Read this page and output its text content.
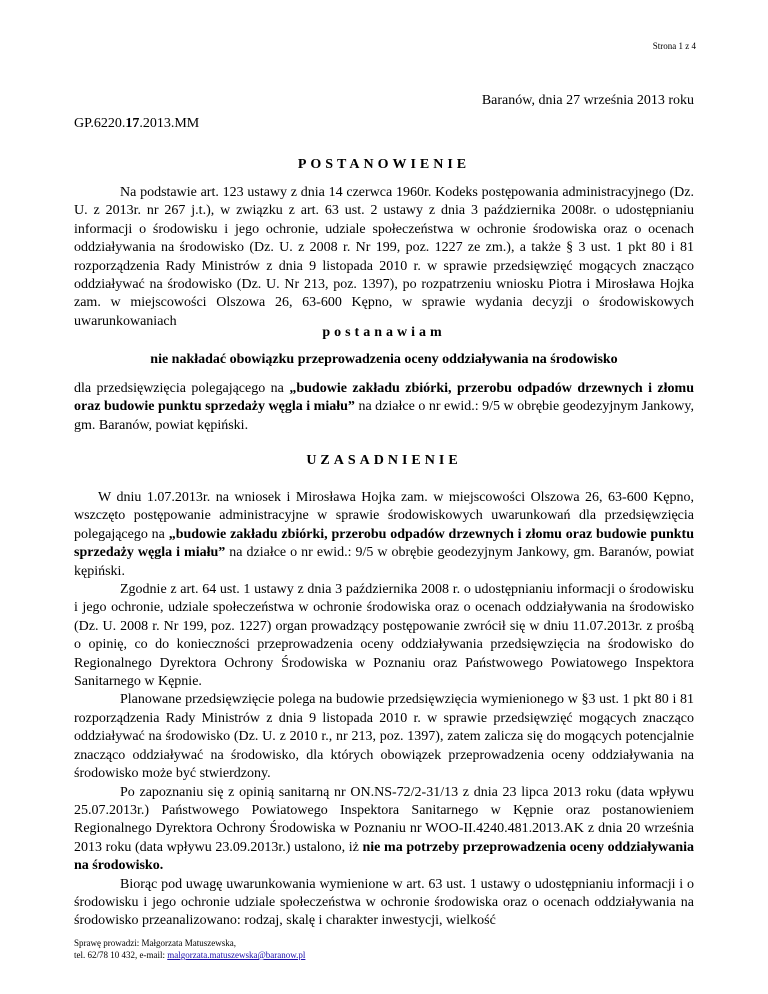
Strona 1 z 4
Baranów, dnia 27 września 2013 roku
GP.6220.17.2013.MM
POSTANOWIENIE
Na podstawie art. 123 ustawy z dnia 14 czerwca 1960r. Kodeks postępowania administracyjnego (Dz. U. z 2013r. nr 267 j.t.), w związku z art. 63 ust. 2 ustawy z dnia 3 października 2008r. o udostępnianiu informacji o środowisku i jego ochronie, udziale społeczeństwa w ochronie środowiska oraz o ocenach oddziaływania na środowisko (Dz. U. z 2008 r. Nr 199, poz. 1227 ze zm.), a także § 3 ust. 1 pkt 80 i 81 rozporządzenia Rady Ministrów z dnia 9 listopada 2010 r. w sprawie przedsięwzięć mogących znacząco oddziaływać na środowisko (Dz. U. Nr 213, poz. 1397), po rozpatrzeniu wniosku Piotra i Mirosława Hojka zam. w miejscowości Olszowa 26, 63-600 Kępno, w sprawie wydania decyzji o środowiskowych uwarunkowaniach
postanawiam
nie nakładać obowiązku przeprowadzenia oceny oddziaływania na środowisko
dla przedsięwzięcia polegającego na „budowie zakładu zbiórki, przerobu odpadów drzewnych i złomu oraz budowie punktu sprzedaży węgla i miału” na działce o nr ewid.: 9/5 w obrębie geodezyjnym Jankowy, gm. Baranów, powiat kępiński.
UZASADNIENIE
W dniu 1.07.2013r. na wniosek i Mirosława Hojka zam. w miejscowości Olszowa 26, 63-600 Kępno, wszczęto postępowanie administracyjne w sprawie środowiskowych uwarunkowań dla przedsięwzięcia polegającego na „budowie zakładu zbiórki, przerobu odpadów drzewnych i złomu oraz budowie punktu sprzedaży węgla i miału” na działce o nr ewid.: 9/5 w obrębie geodezyjnym Jankowy, gm. Baranów, powiat kępiński.
Zgodnie z art. 64 ust. 1 ustawy z dnia 3 października 2008 r. o udostępnianiu informacji o środowisku i jego ochronie, udziale społeczeństwa w ochronie środowiska oraz o ocenach oddziaływania na środowisko (Dz. U. 2008 r. Nr 199, poz. 1227) organ prowadzący postępowanie zwrócił się w dniu 11.07.2013r. z prośbą o opinię, co do konieczności przeprowadzenia oceny oddziaływania przedsięwzięcia na środowisko do Regionalnego Dyrektora Ochrony Środowiska w Poznaniu oraz Państwowego Powiatowego Inspektora Sanitarnego w Kępnie.
Planowane przedsięwzięcie polega na budowie przedsięwzięcia wymienionego w §3 ust. 1 pkt 80 i 81 rozporządzenia Rady Ministrów z dnia 9 listopada 2010 r. w sprawie przedsięwzięć mogących znacząco oddziaływać na środowisko (Dz. U. z 2010 r., nr 213, poz. 1397), zatem zalicza się do mogących potencjalnie znacząco oddziaływać na środowisko, dla których obowiązek przeprowadzenia oceny oddziaływania na środowisko może być stwierdzony.
Po zapoznaniu się z opinią sanitarną nr ON.NS-72/2-31/13 z dnia 23 lipca 2013 roku (data wpływu 25.07.2013r.) Państwowego Powiatowego Inspektora Sanitarnego w Kępnie oraz postanowieniem Regionalnego Dyrektora Ochrony Środowiska w Poznaniu nr WOO-II.4240.481.2013.AK z dnia 20 września 2013 roku (data wpływu 23.09.2013r.) ustalono, iż nie ma potrzeby przeprowadzenia oceny oddziaływania na środowisko.
Biorąc pod uwagę uwarunkowania wymienione w art. 63 ust. 1 ustawy o udostępnianiu informacji i o środowisku i jego ochronie udziale społeczeństwa w ochronie środowiska oraz o ocenach oddziaływania na środowisko przeanalizowano: rodzaj, skalę i charakter inwestycji, wielkość
Sprawę prowadzi: Małgorzata Matuszewska,
tel. 62/78 10 432, e-mail: malgorzata.matuszewska@baranow.pl
